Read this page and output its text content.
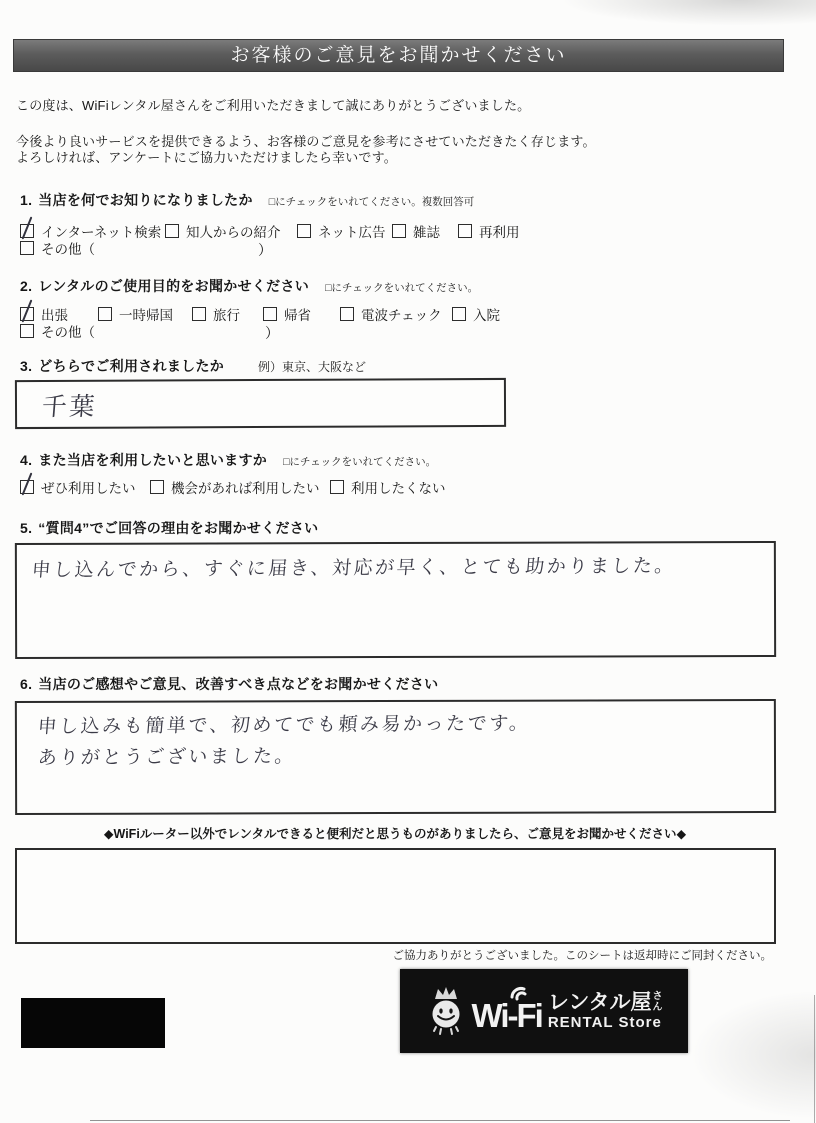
お客様のご意見をお聞かせください
この度は、WiFiレンタル屋さんをご利用いただきまして誠にありがとうございました。
今後より良いサービスを提供できるよう、お客様のご意見を参考にさせていただきたく存じます。
よろしければ、アンケートにご協力いただけましたら幸いです。
1. 当店を何でお知りになりましたか □にチェックをいれてください。複数回答可
インターネット検索 知人からの紹介	ネット広告 雑誌	再利用
その他（	）
2. レンタルのご使用目的をお聞かせください □にチェックをいれてください。
出張	一時帰国	旅行	帰省	電波チェック 入院
その他（	）
3. どちらでご利用されましたか	例）東京、大阪など
千葉
4. また当店を利用したいと思いますか □にチェックをいれてください。
ぜひ利用したい	機会があれば利用したい 利用したくない
5. “質問4”でご回答の理由をお聞かせください
申し込んでから、すぐに届き、対応が早く、とても助かりました。
6. 当店のご感想やご意見、改善すべき点などをお聞かせください
申し込みも簡単で、初めてでも頼み易かったです。
ありがとうございました。
◆WiFiルーター以外でレンタルできると便利だと思うものがありましたら、ご意見をお聞かせください◆
ご協力ありがとうございました。このシートは返却時にご同封ください。
Wi-Fi レンタル屋 さ
ん
RENTAL Store
